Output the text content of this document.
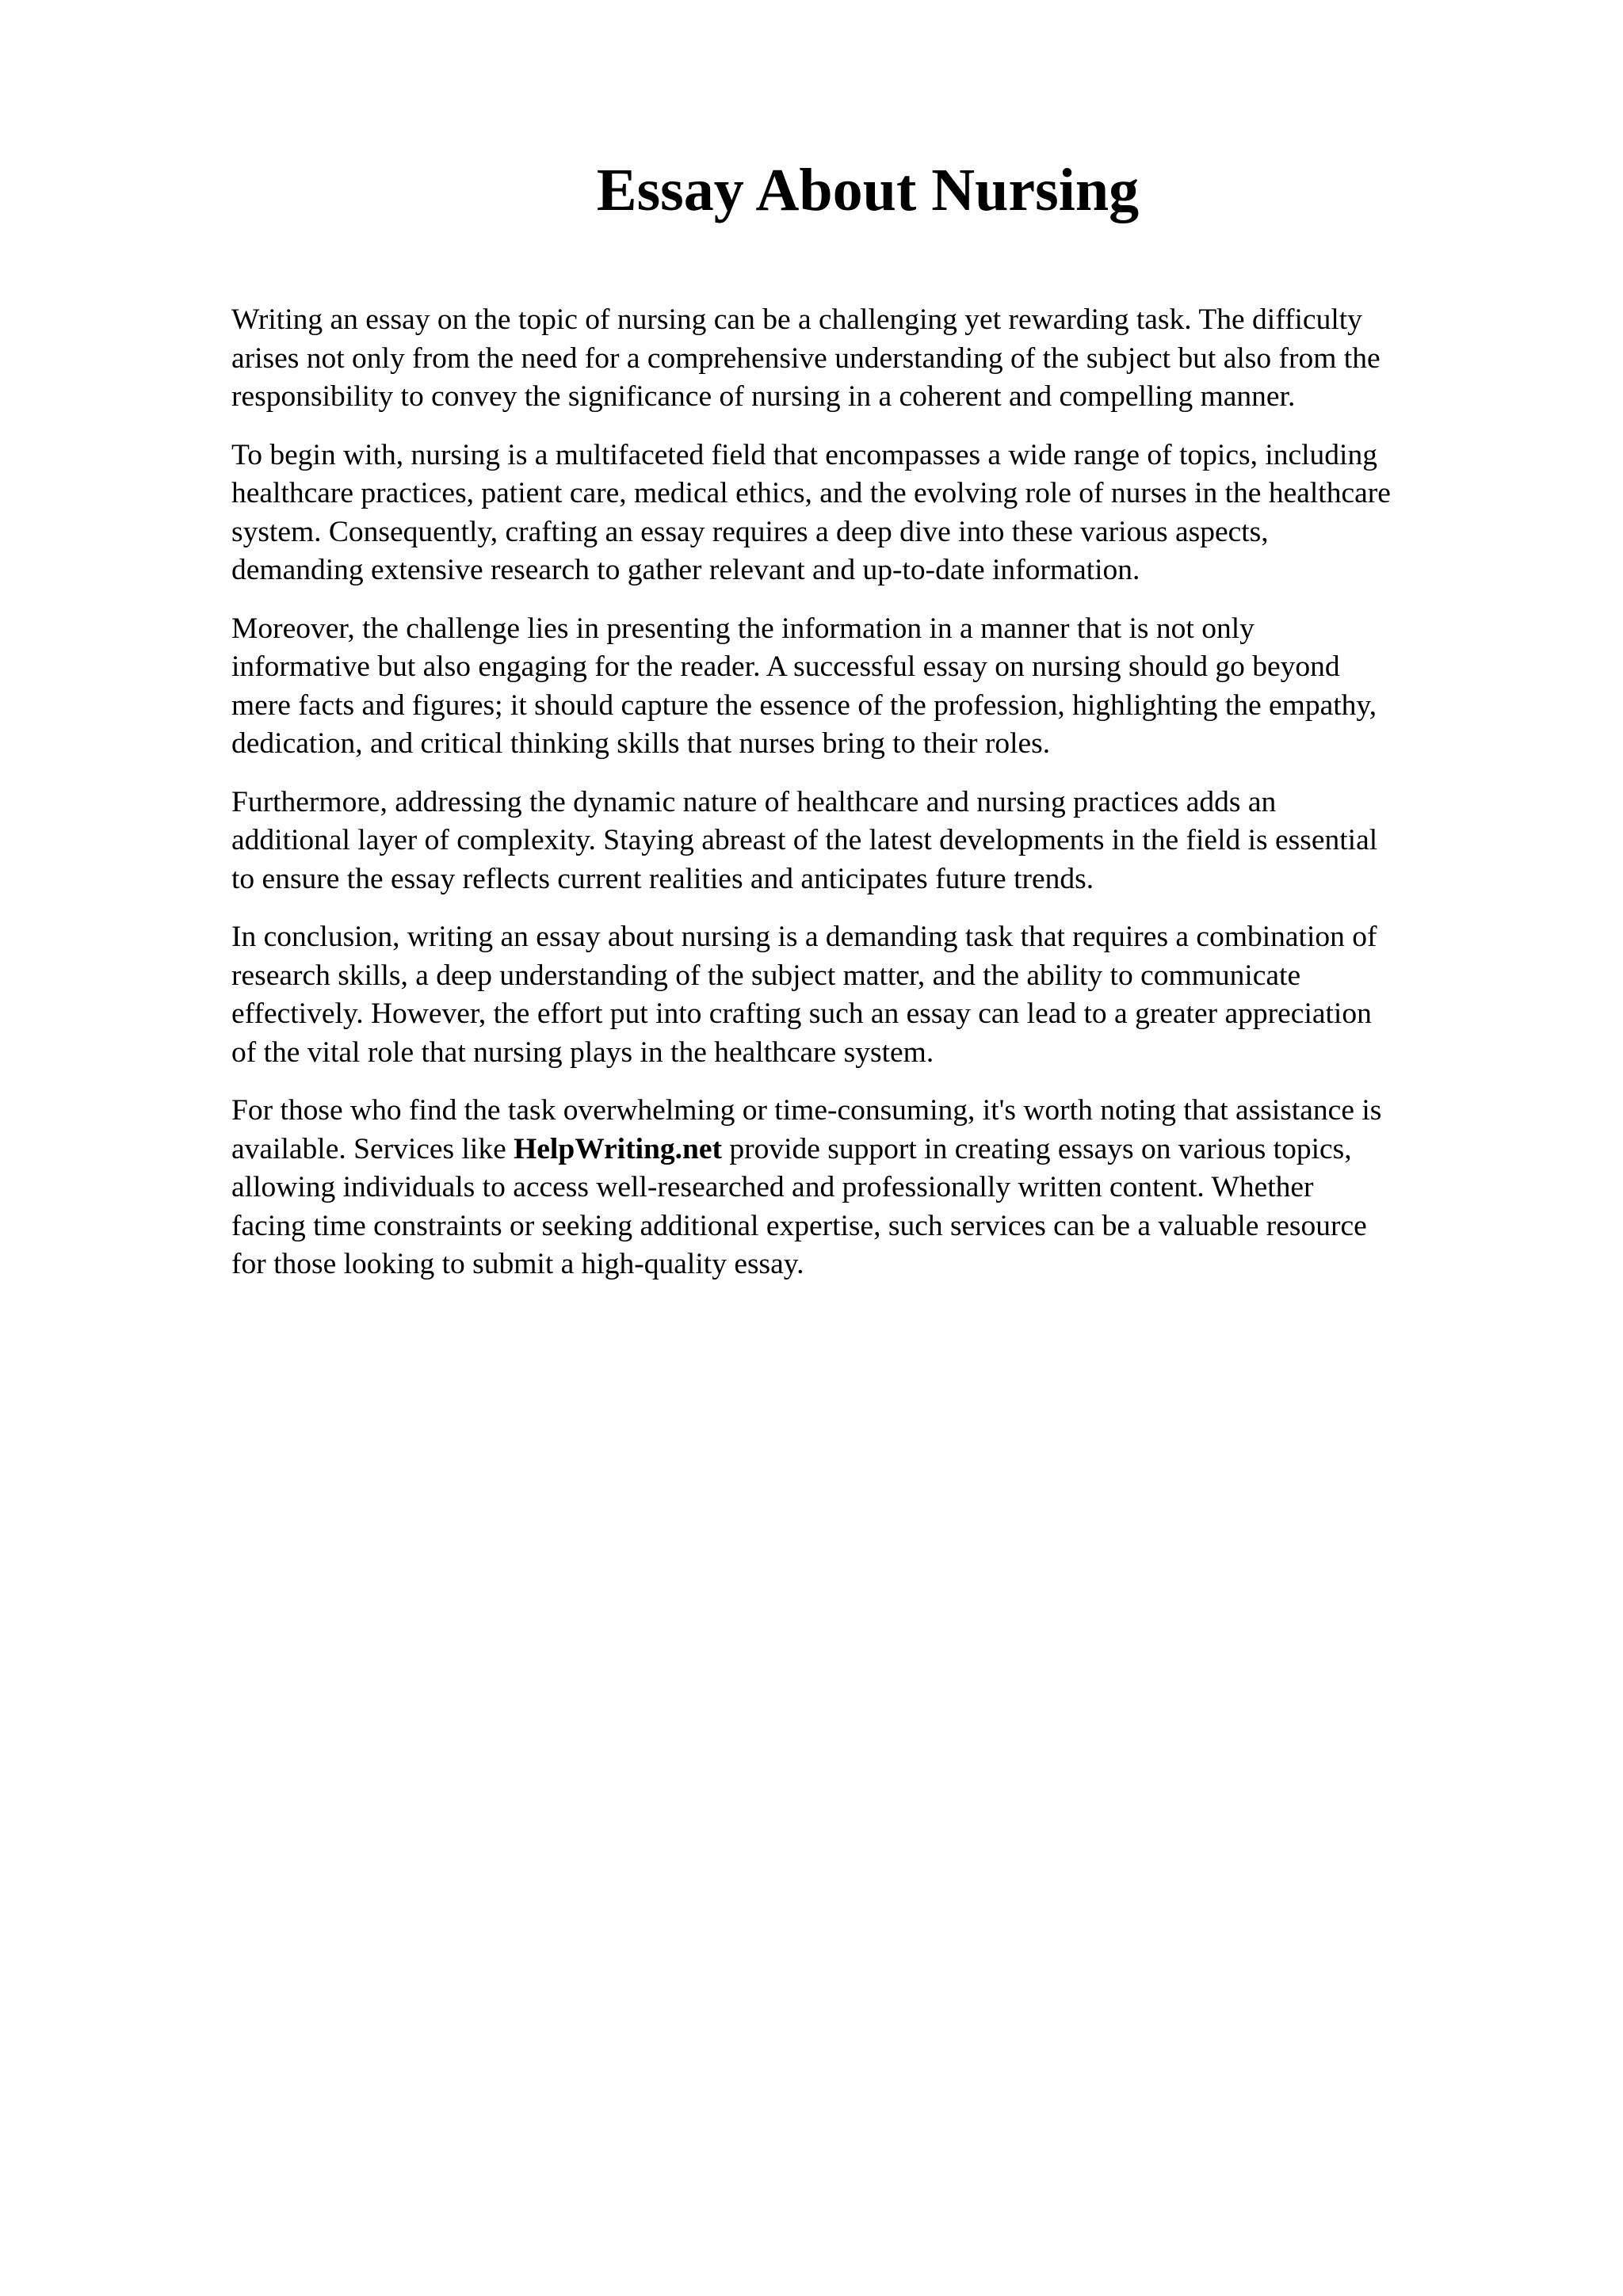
Essay About Nursing

Writing an essay on the topic of nursing can be a challenging yet rewarding task. The difficulty
arises not only from the need for a comprehensive understanding of the subject but also from the
responsibility to convey the significance of nursing in a coherent and compelling manner.

To begin with, nursing is a multifaceted field that encompasses a wide range of topics, including
healthcare practices, patient care, medical ethics, and the evolving role of nurses in the healthcare
system. Consequently, crafting an essay requires a deep dive into these various aspects,
demanding extensive research to gather relevant and up-to-date information.

Moreover, the challenge lies in presenting the information in a manner that is not only
informative but also engaging for the reader. A successful essay on nursing should go beyond
mere facts and figures; it should capture the essence of the profession, highlighting the empathy,
dedication, and critical thinking skills that nurses bring to their roles.

Furthermore, addressing the dynamic nature of healthcare and nursing practices adds an
additional layer of complexity. Staying abreast of the latest developments in the field is essential
to ensure the essay reflects current realities and anticipates future trends.

In conclusion, writing an essay about nursing is a demanding task that requires a combination of
research skills, a deep understanding of the subject matter, and the ability to communicate
effectively. However, the effort put into crafting such an essay can lead to a greater appreciation
of the vital role that nursing plays in the healthcare system.

For those who find the task overwhelming or time-consuming, it's worth noting that assistance is
available. Services like HelpWriting.net provide support in creating essays on various topics,
allowing individuals to access well-researched and professionally written content. Whether
facing time constraints or seeking additional expertise, such services can be a valuable resource
for those looking to submit a high-quality essay.
